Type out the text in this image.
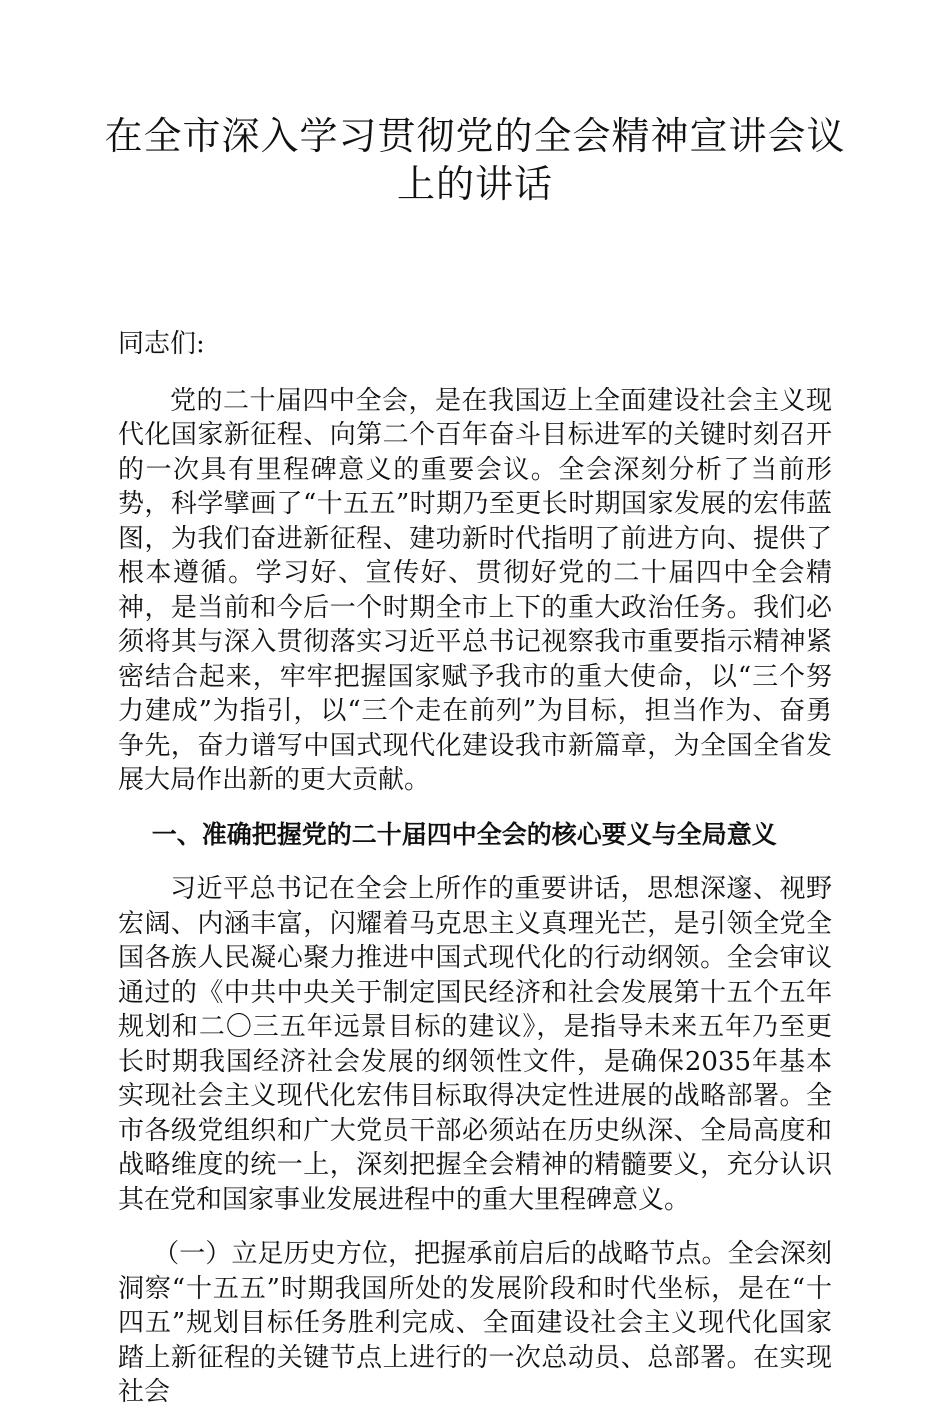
在全市深入学习贯彻党的全会精神宣讲会议上的讲话

同志们:

党的二十届四中全会，是在我国迈上全面建设社会主义现代化国家新征程、向第二个百年奋斗目标进军的关键时刻召开的一次具有里程碑意义的重要会议。全会深刻分析了当前形势，科学擘画了“十五五”时期乃至更长时期国家发展的宏伟蓝图，为我们奋进新征程、建功新时代指明了前进方向、提供了根本遵循。学习好、宣传好、贯彻好党的二十届四中全会精神，是当前和今后一个时期全市上下的重大政治任务。我们必须将其与深入贯彻落实习近平总书记视察我市重要指示精神紧密结合起来，牢牢把握国家赋予我市的重大使命，以“三个努力建成”为指引，以“三个走在前列”为目标，担当作为、奋勇争先，奋力谱写中国式现代化建设我市新篇章，为全国全省发展大局作出新的更大贡献。

一、准确把握党的二十届四中全会的核心要义与全局意义

习近平总书记在全会上所作的重要讲话，思想深邃、视野宏阔、内涵丰富，闪耀着马克思主义真理光芒，是引领全党全国各族人民凝心聚力推进中国式现代化的行动纲领。全会审议通过的《中共中央关于制定国民经济和社会发展第十五个五年规划和二〇三五年远景目标的建议》，是指导未来五年乃至更长时期我国经济社会发展的纲领性文件，是确保2035年基本实现社会主义现代化宏伟目标取得决定性进展的战略部署。全市各级党组织和广大党员干部必须站在历史纵深、全局高度和战略维度的统一上，深刻把握全会精神的精髓要义，充分认识其在党和国家事业发展进程中的重大里程碑意义。

（一）立足历史方位，把握承前启后的战略节点。全会深刻洞察“十五五”时期我国所处的发展阶段和时代坐标，是在“十四五”规划目标任务胜利完成、全面建设社会主义现代化国家踏上新征程的关键节点上进行的一次总动员、总部署。在实现社会
